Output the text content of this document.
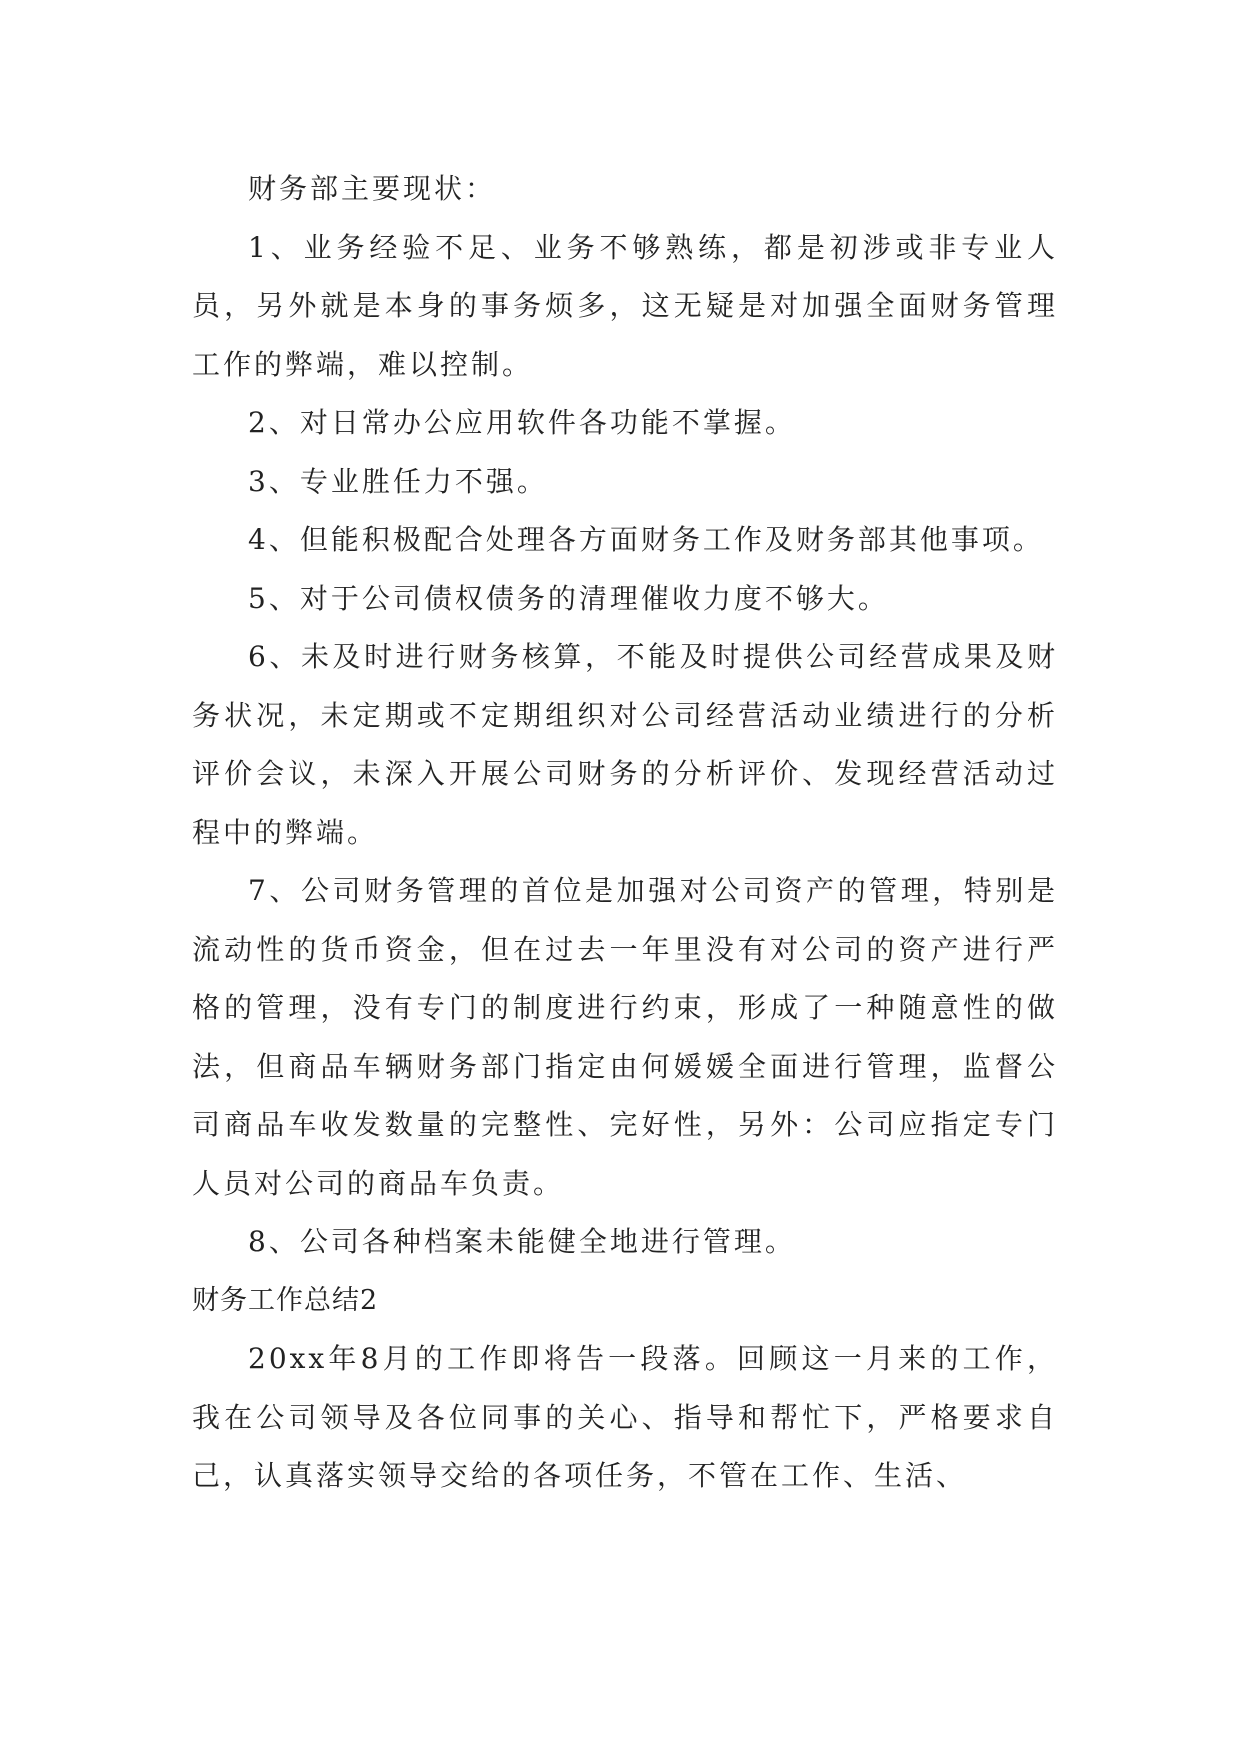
财务部主要现状：

1、业务经验不足、业务不够熟练，都是初涉或非专业人员，另外就是本身的事务烦多，这无疑是对加强全面财务管理工作的弊端，难以控制。

2、对日常办公应用软件各功能不掌握。

3、专业胜任力不强。

4、但能积极配合处理各方面财务工作及财务部其他事项。

5、对于公司债权债务的清理催收力度不够大。

6、未及时进行财务核算，不能及时提供公司经营成果及财务状况，未定期或不定期组织对公司经营活动业绩进行的分析评价会议，未深入开展公司财务的分析评价、发现经营活动过程中的弊端。

7、公司财务管理的首位是加强对公司资产的管理，特别是流动性的货币资金，但在过去一年里没有对公司的资产进行严格的管理，没有专门的制度进行约束，形成了一种随意性的做法，但商品车辆财务部门指定由何媛媛全面进行管理，监督公司商品车收发数量的完整性、完好性，另外：公司应指定专门人员对公司的商品车负责。

8、公司各种档案未能健全地进行管理。

财务工作总结2

20xx年8月的工作即将告一段落。回顾这一月来的工作，我在公司领导及各位同事的关心、指导和帮忙下，严格要求自己，认真落实领导交给的各项任务，不管在工作、生活、
